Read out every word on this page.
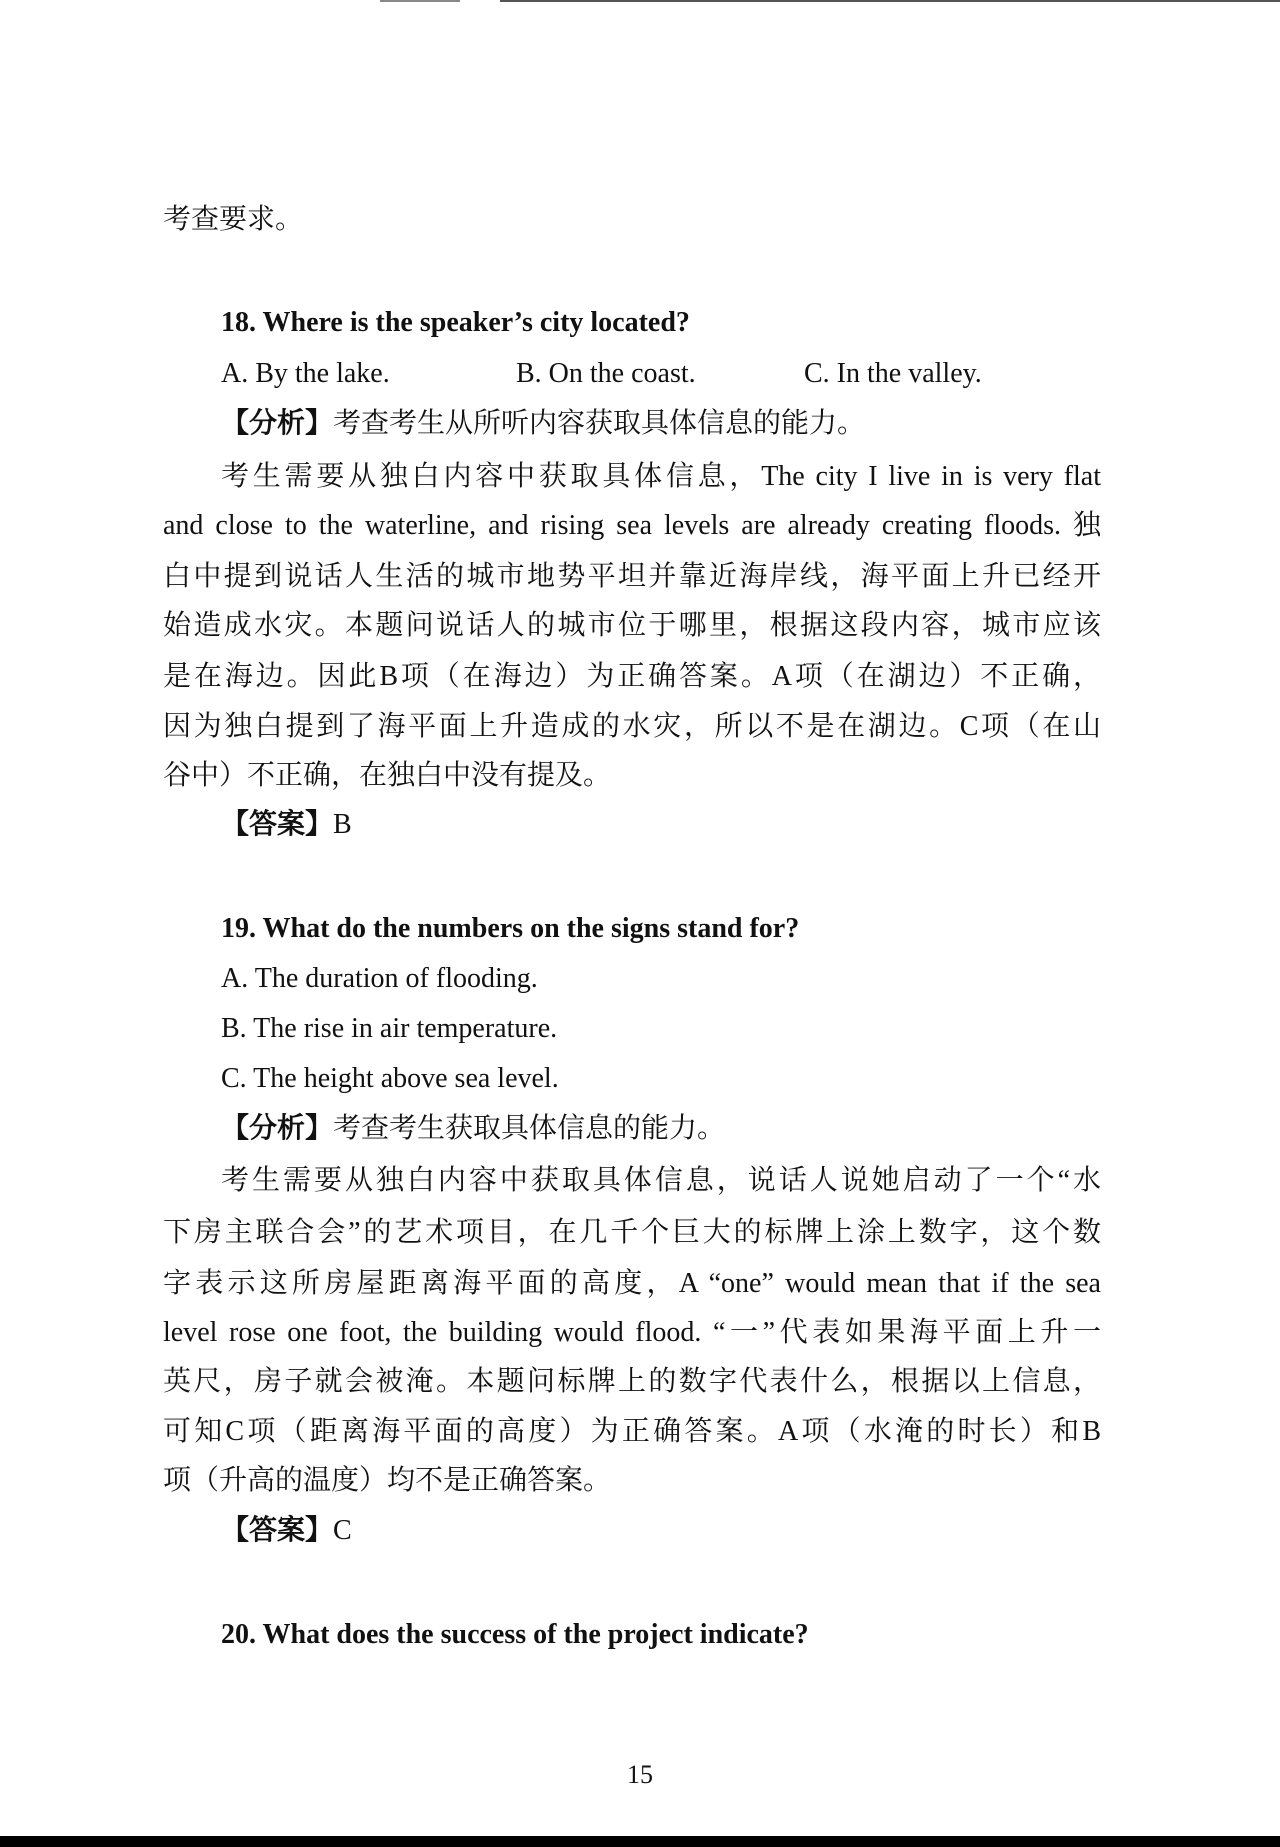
考查要求。
18. Where is the speaker’s city located?
A. By the lake.	B. On the coast.	C. In the valley.
【分析】考查考生从所听内容获取具体信息的能力。
考生需要从独白内容中获取具体信息，The city I live in is very flat
and close to the waterline, and rising sea levels are already creating floods. 独
白中提到说话人生活的城市地势平坦并靠近海岸线，海平面上升已经开
始造成水灾。本题问说话人的城市位于哪里，根据这段内容，城市应该
是在海边。因此B项（在海边）为正确答案。A项（在湖边）不正确，
因为独白提到了海平面上升造成的水灾，所以不是在湖边。C项（在山
谷中）不正确，在独白中没有提及。
【答案】B
19. What do the numbers on the signs stand for?
A. The duration of flooding.
B. The rise in air temperature.
C. The height above sea level.
【分析】考查考生获取具体信息的能力。
考生需要从独白内容中获取具体信息，说话人说她启动了一个“水
下房主联合会”的艺术项目，在几千个巨大的标牌上涂上数字，这个数
字表示这所房屋距离海平面的高度，A “one” would mean that if the sea
level rose one foot, the building would flood. “一”代表如果海平面上升一
英尺，房子就会被淹。本题问标牌上的数字代表什么，根据以上信息，
可知C项（距离海平面的高度）为正确答案。A项（水淹的时长）和B
项（升高的温度）均不是正确答案。
【答案】C
20. What does the success of the project indicate?
15
